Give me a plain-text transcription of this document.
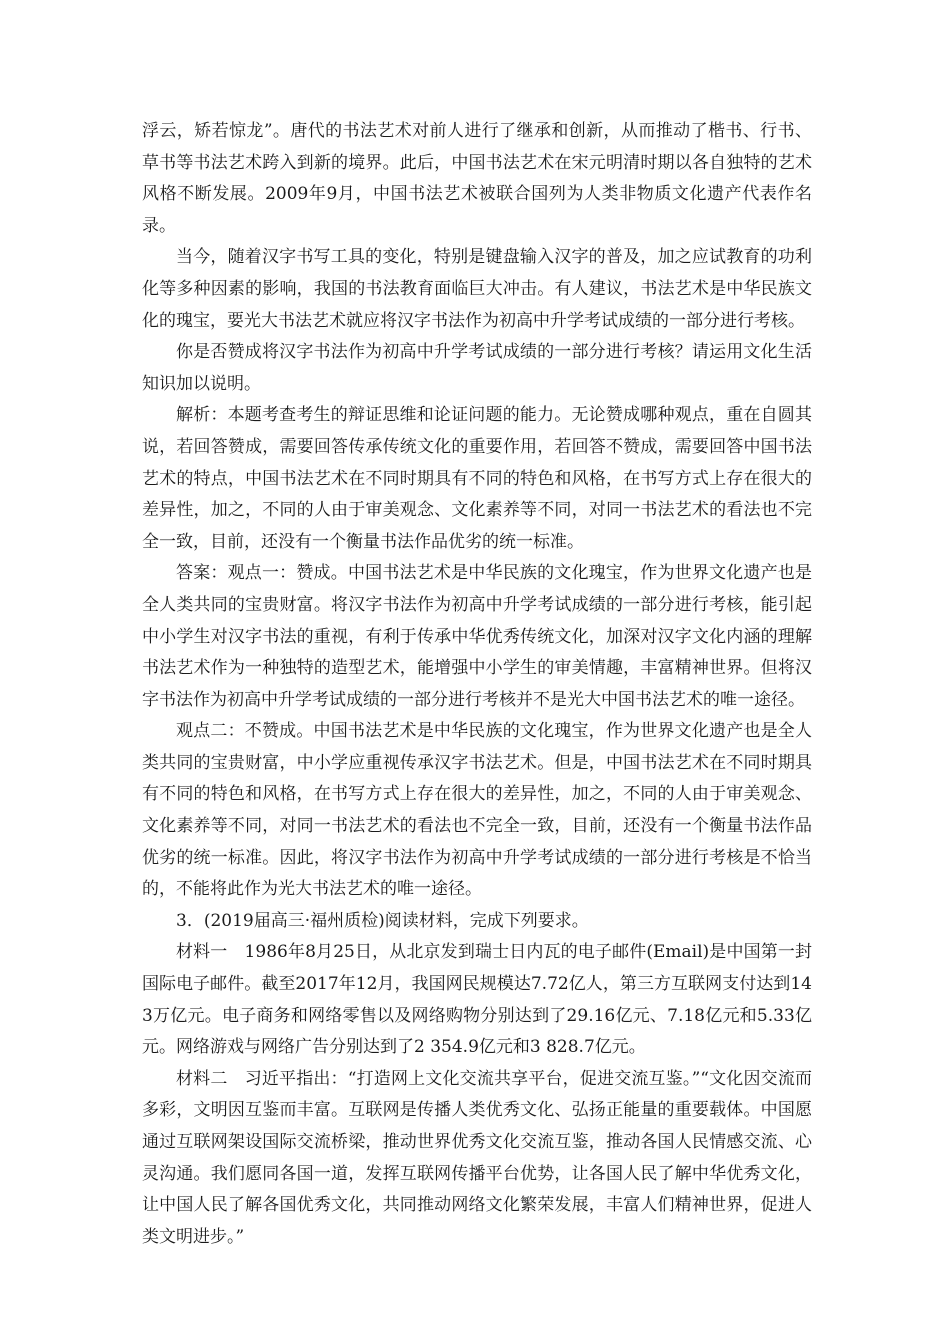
浮云，矫若惊龙”。唐代的书法艺术对前人进行了继承和创新，从而推动了楷书、行书、草书等书法艺术跨入到新的境界。此后，中国书法艺术在宋元明清时期以各自独特的艺术风格不断发展。2009年9月，中国书法艺术被联合国列为人类非物质文化遗产代表作名录。

当今，随着汉字书写工具的变化，特别是键盘输入汉字的普及，加之应试教育的功利化等多种因素的影响，我国的书法教育面临巨大冲击。有人建议，书法艺术是中华民族文化的瑰宝，要光大书法艺术就应将汉字书法作为初高中升学考试成绩的一部分进行考核。

你是否赞成将汉字书法作为初高中升学考试成绩的一部分进行考核？请运用文化生活知识加以说明。

解析：本题考查考生的辩证思维和论证问题的能力。无论赞成哪种观点，重在自圆其说，若回答赞成，需要回答传承传统文化的重要作用，若回答不赞成，需要回答中国书法艺术的特点，中国书法艺术在不同时期具有不同的特色和风格，在书写方式上存在很大的差异性，加之，不同的人由于审美观念、文化素养等不同，对同一书法艺术的看法也不完全一致，目前，还没有一个衡量书法作品优劣的统一标准。

答案：观点一：赞成。中国书法艺术是中华民族的文化瑰宝，作为世界文化遗产也是全人类共同的宝贵财富。将汉字书法作为初高中升学考试成绩的一部分进行考核，能引起中小学生对汉字书法的重视，有利于传承中华优秀传统文化，加深对汉字文化内涵的理解书法艺术作为一种独特的造型艺术，能增强中小学生的审美情趣，丰富精神世界。但将汉字书法作为初高中升学考试成绩的一部分进行考核并不是光大中国书法艺术的唯一途径。

观点二：不赞成。中国书法艺术是中华民族的文化瑰宝，作为世界文化遗产也是全人类共同的宝贵财富，中小学应重视传承汉字书法艺术。但是，中国书法艺术在不同时期具有不同的特色和风格，在书写方式上存在很大的差异性，加之，不同的人由于审美观念、文化素养等不同，对同一书法艺术的看法也不完全一致，目前，还没有一个衡量书法作品优劣的统一标准。因此，将汉字书法作为初高中升学考试成绩的一部分进行考核是不恰当的，不能将此作为光大书法艺术的唯一途径。

3．(2019届高三·福州质检)阅读材料，完成下列要求。

材料一　1986年8月25日，从北京发到瑞士日内瓦的电子邮件(Email)是中国第一封国际电子邮件。截至2017年12月，我国网民规模达7.72亿人，第三方互联网支付达到143万亿元。电子商务和网络零售以及网络购物分别达到了29.16亿元、7.18亿元和5.33亿元。网络游戏与网络广告分别达到了2 354.9亿元和3 828.7亿元。

材料二　习近平指出：“打造网上文化交流共享平台，促进交流互鉴。”“文化因交流而多彩，文明因互鉴而丰富。互联网是传播人类优秀文化、弘扬正能量的重要载体。中国愿通过互联网架设国际交流桥梁，推动世界优秀文化交流互鉴，推动各国人民情感交流、心灵沟通。我们愿同各国一道，发挥互联网传播平台优势，让各国人民了解中华优秀文化，让中国人民了解各国优秀文化，共同推动网络文化繁荣发展，丰富人们精神世界，促进人类文明进步。”
